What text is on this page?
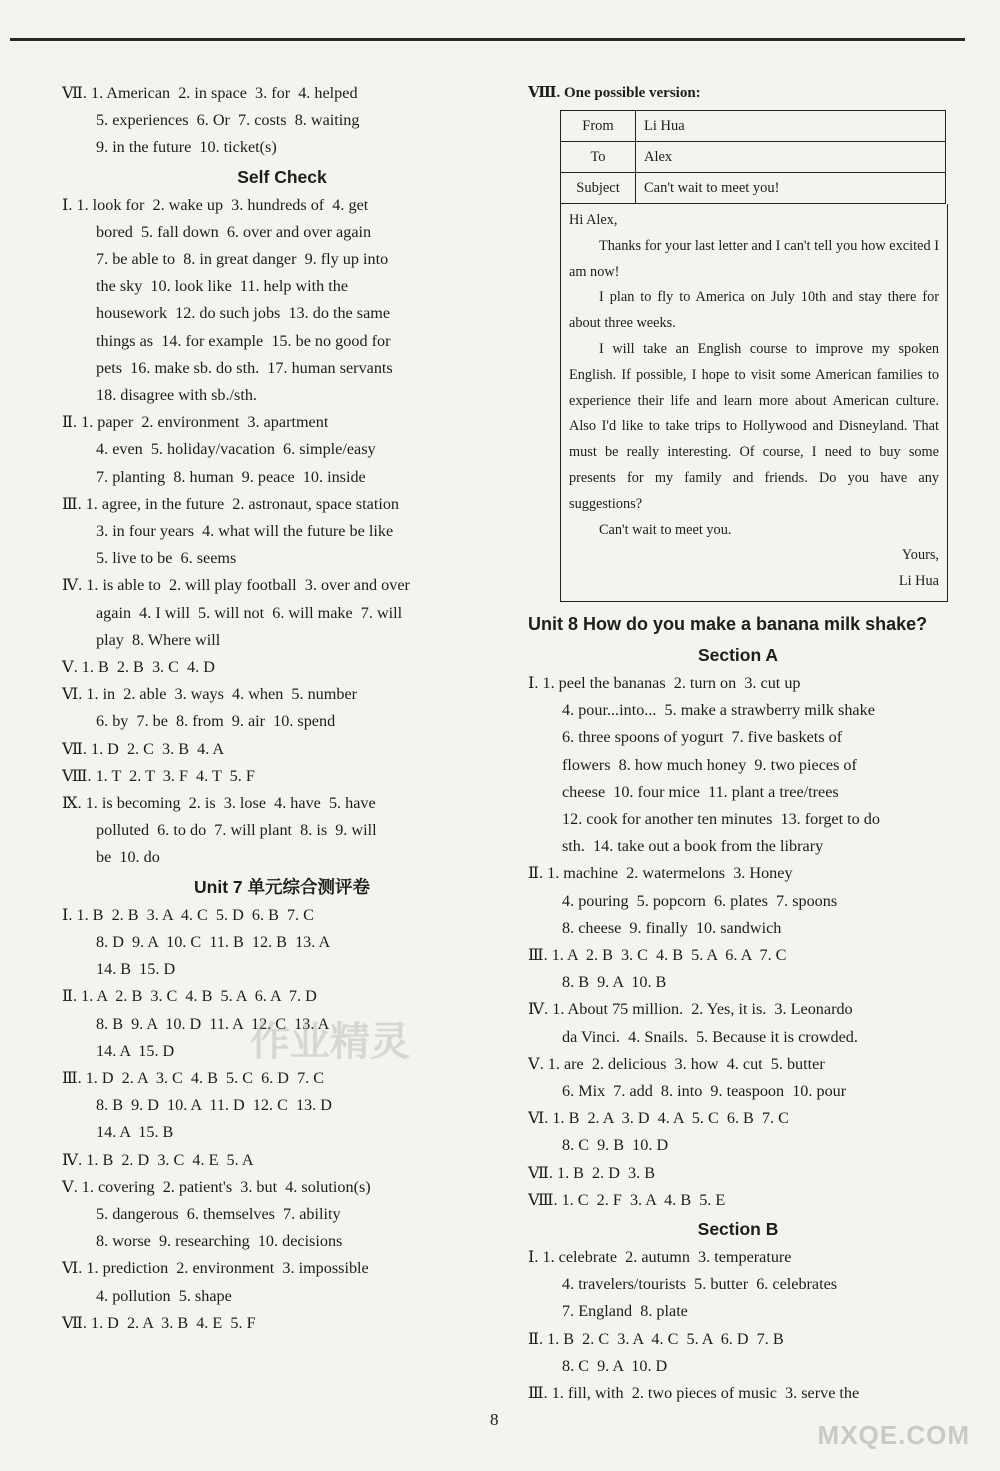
Ⅶ. 1. American  2. in space  3. for  4. helped
5. experiences  6. Or  7. costs  8. waiting
9. in the future  10. ticket(s)
Self Check
Ⅰ. 1. look for  2. wake up  3. hundreds of  4. get
bored  5. fall down  6. over and over again
7. be able to  8. in great danger  9. fly up into
the sky  10. look like  11. help with the
housework  12. do such jobs  13. do the same
things as  14. for example  15. be no good for
pets  16. make sb. do sth.  17. human servants
18. disagree with sb./sth.
Ⅱ. 1. paper  2. environment  3. apartment
4. even  5. holiday/vacation  6. simple/easy
7. planting  8. human  9. peace  10. inside
Ⅲ. 1. agree, in the future  2. astronaut, space station
3. in four years  4. what will the future be like
5. live to be  6. seems
Ⅳ. 1. is able to  2. will play football  3. over and over
again  4. I will  5. will not  6. will make  7. will
play  8. Where will
Ⅴ. 1. B  2. B  3. C  4. D
Ⅵ. 1. in  2. able  3. ways  4. when  5. number
6. by  7. be  8. from  9. air  10. spend
Ⅶ. 1. D  2. C  3. B  4. A
Ⅷ. 1. T  2. T  3. F  4. T  5. F
Ⅸ. 1. is becoming  2. is  3. lose  4. have  5. have
polluted  6. to do  7. will plant  8. is  9. will
be  10. do
Unit 7 单元综合测评卷
Ⅰ. 1. B  2. B  3. A  4. C  5. D  6. B  7. C
8. D  9. A  10. C  11. B  12. B  13. A
14. B  15. D
Ⅱ. 1. A  2. B  3. C  4. B  5. A  6. A  7. D
8. B  9. A  10. D  11. A  12. C  13. A
14. A  15. D
Ⅲ. 1. D  2. A  3. C  4. B  5. C  6. D  7. C
8. B  9. D  10. A  11. D  12. C  13. D
14. A  15. B
Ⅳ. 1. B  2. D  3. C  4. E  5. A
Ⅴ. 1. covering  2. patient's  3. but  4. solution(s)
5. dangerous  6. themselves  7. ability
8. worse  9. researching  10. decisions
Ⅵ. 1. prediction  2. environment  3. impossible
4. pollution  5. shape
Ⅶ. 1. D  2. A  3. B  4. E  5. F
Ⅷ. One possible version:
From	Li Hua
To	Alex
Subject	Can't wait to meet you!

Hi Alex,

Thanks for your last letter and I can't tell you how excited I am now!

I plan to fly to America on July 10th and stay there for about three weeks.

I will take an English course to improve my spoken English. If possible, I hope to visit some American families to experience their life and learn more about American culture. Also I'd like to take trips to Hollywood and Disneyland. That must be really interesting. Of course, I need to buy some presents for my family and friends. Do you have any suggestions?

Can't wait to meet you.

Yours,

Li Hua

Unit 8 How do you make a banana milk shake?
Section A
Ⅰ. 1. peel the bananas  2. turn on  3. cut up
4. pour...into...  5. make a strawberry milk shake
6. three spoons of yogurt  7. five baskets of
flowers  8. how much honey  9. two pieces of
cheese  10. four mice  11. plant a tree/trees
12. cook for another ten minutes  13. forget to do
sth.  14. take out a book from the library
Ⅱ. 1. machine  2. watermelons  3. Honey
4. pouring  5. popcorn  6. plates  7. spoons
8. cheese  9. finally  10. sandwich
Ⅲ. 1. A  2. B  3. C  4. B  5. A  6. A  7. C
8. B  9. A  10. B
Ⅳ. 1. About 75 million.  2. Yes, it is.  3. Leonardo
da Vinci.  4. Snails.  5. Because it is crowded.
Ⅴ. 1. are  2. delicious  3. how  4. cut  5. butter
6. Mix  7. add  8. into  9. teaspoon  10. pour
Ⅵ. 1. B  2. A  3. D  4. A  5. C  6. B  7. C
8. C  9. B  10. D
Ⅶ. 1. B  2. D  3. B
Ⅷ. 1. C  2. F  3. A  4. B  5. E
Section B
Ⅰ. 1. celebrate  2. autumn  3. temperature
4. travelers/tourists  5. butter  6. celebrates
7. England  8. plate
Ⅱ. 1. B  2. C  3. A  4. C  5. A  6. D  7. B
8. C  9. A  10. D
Ⅲ. 1. fill, with  2. two pieces of music  3. serve the
作业精灵
8
MXQE.COM
